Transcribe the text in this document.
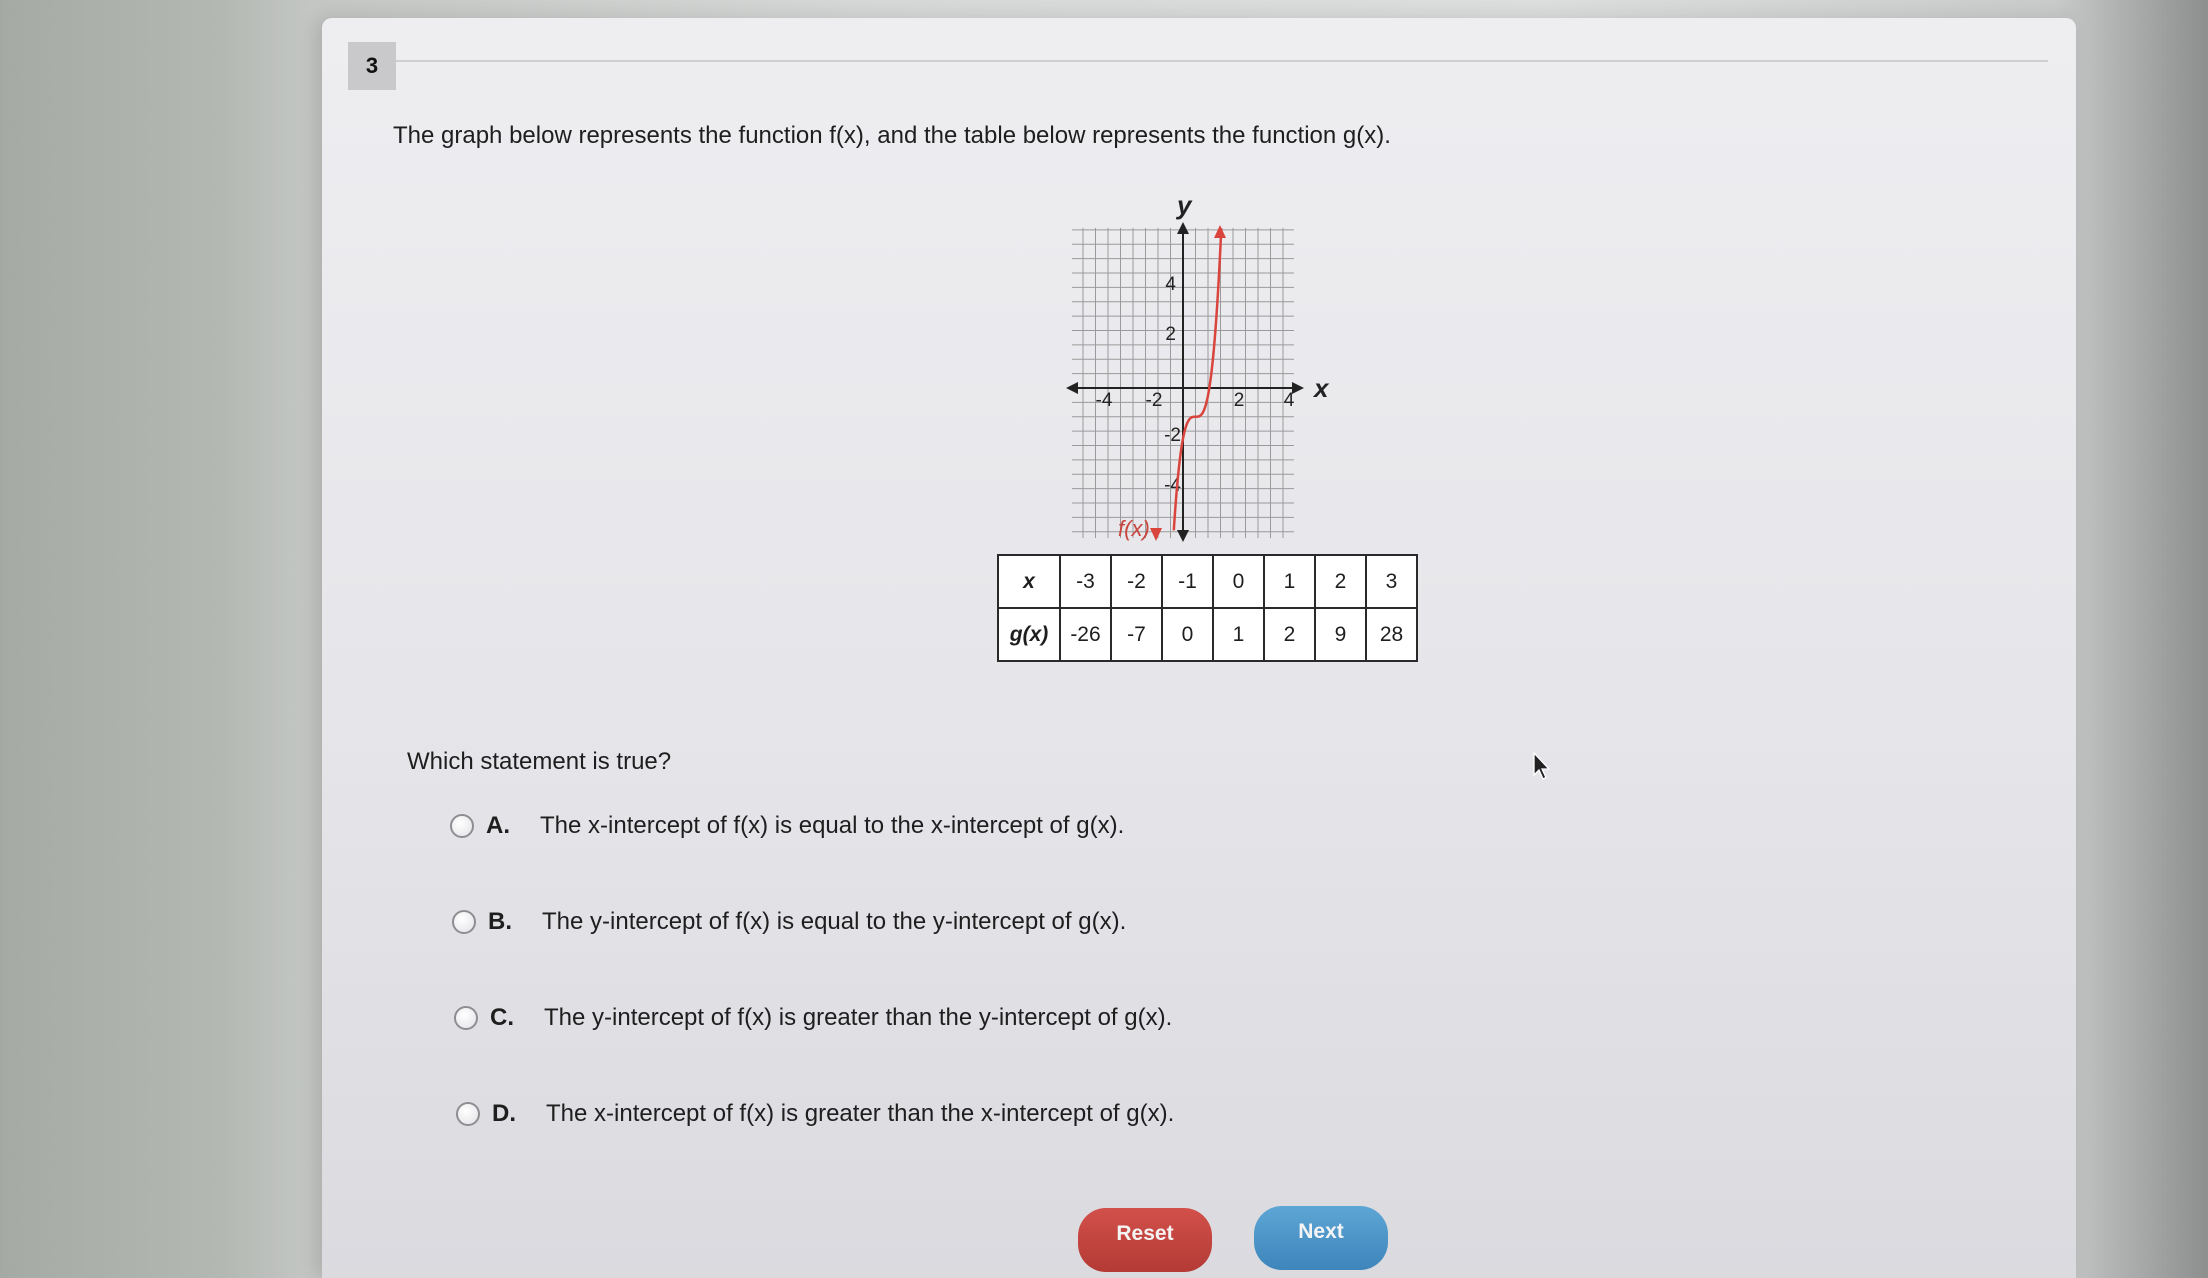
3
The graph below represents the function f(x), and the table below represents the function g(x).
x
y
-4 -2	2 4
4
2
-2
-4
f(x)
x	-3	-2	-1	0	1	2	3
g(x)	-26	-7	0	1	2	9	28
Which statement is true?
A.	The x-intercept of f(x) is equal to the x-intercept of g(x).
B.	The y-intercept of f(x) is equal to the y-intercept of g(x).
C.	The y-intercept of f(x) is greater than the y-intercept of g(x).
D.	The x-intercept of f(x) is greater than the x-intercept of g(x).
Reset	Next
